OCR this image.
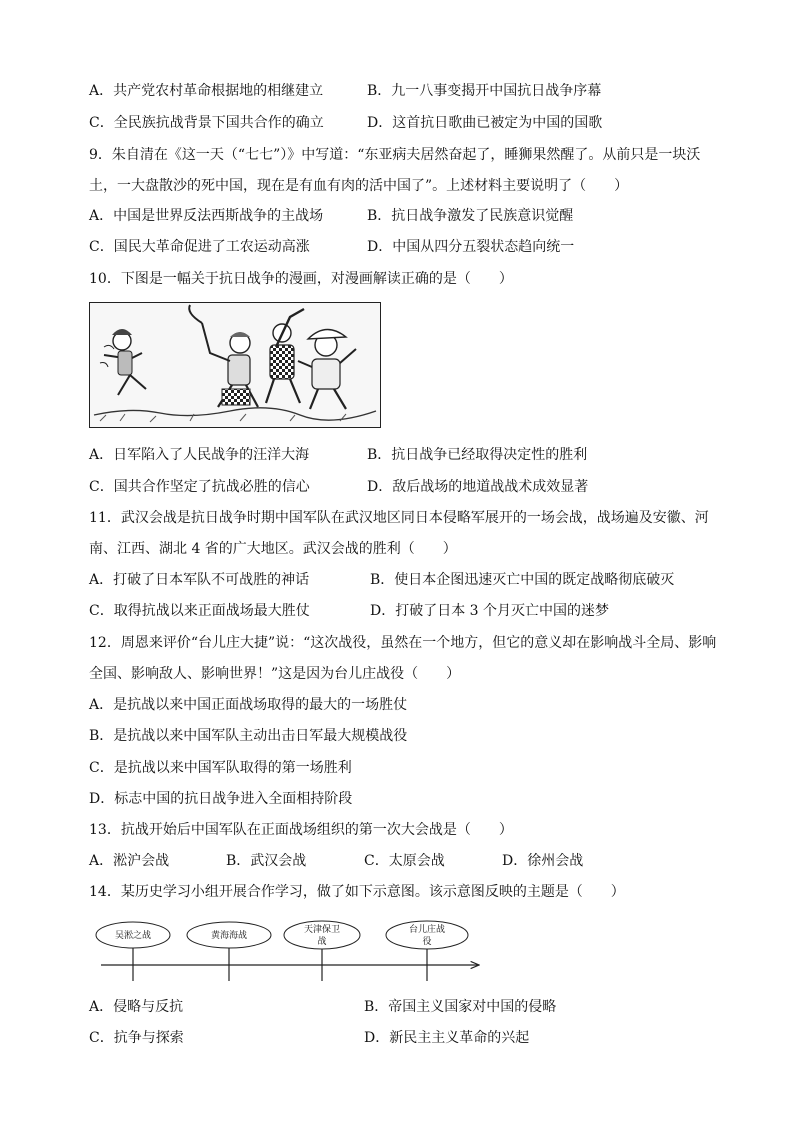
A．共产党农村革命根据地的相继建立	B．九一八事变揭开中国抗日战争序幕
C．全民族抗战背景下国共合作的确立	D．这首抗日歌曲已被定为中国的国歌
9．朱自清在《这一天（“七七”）》中写道：“东亚病夫居然奋起了，睡狮果然醒了。从前只是一块沃
土，一大盘散沙的死中国，现在是有血有肉的活中国了”。上述材料主要说明了（　　）
A．中国是世界反法西斯战争的主战场	B．抗日战争激发了民族意识觉醒
C．国民大革命促进了工农运动高涨	D．中国从四分五裂状态趋向统一
10．下图是一幅关于抗日战争的漫画，对漫画解读正确的是（　　）
A．日军陷入了人民战争的汪洋大海	B．抗日战争已经取得决定性的胜利
C．国共合作坚定了抗战必胜的信心	D．敌后战场的地道战战术成效显著
11．武汉会战是抗日战争时期中国军队在武汉地区同日本侵略军展开的一场会战，战场遍及安徽、河
南、江西、湖北 4 省的广大地区。武汉会战的胜利（　　）
A．打破了日本军队不可战胜的神话	B．使日本企图迅速灭亡中国的既定战略彻底破灭
C．取得抗战以来正面战场最大胜仗	D．打破了日本 3 个月灭亡中国的迷梦
12．周恩来评价“台儿庄大捷”说：“这次战役，虽然在一个地方，但它的意义却在影响战斗全局、影响
全国、影响敌人、影响世界！”这是因为台儿庄战役（　　）
A．是抗战以来中国正面战场取得的最大的一场胜仗
B．是抗战以来中国军队主动出击日军最大规模战役
C．是抗战以来中国军队取得的第一场胜利
D．标志中国的抗日战争进入全面相持阶段
13．抗战开始后中国军队在正面战场组织的第一次大会战是（　　）
A．淞沪会战	B．武汉会战	C．太原会战	D．徐州会战
14．某历史学习小组开展合作学习，做了如下示意图。该示意图反映的主题是（　　）
吴淞之战	黄海海战
天津保卫
战
台儿庄战
役
A．侵略与反抗	B．帝国主义国家对中国的侵略
C．抗争与探索	D．新民主主义革命的兴起
